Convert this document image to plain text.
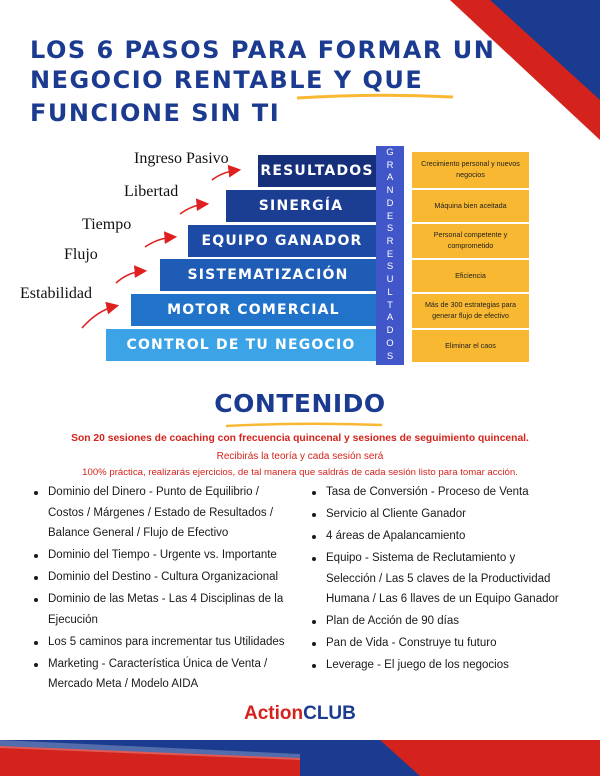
LOS 6 PASOS PARA FORMAR UN
NEGOCIO RENTABLE Y QUE
FUNCIONE SIN TI
Ingreso Pasivo
Libertad
Tiempo
Flujo
Estabilidad
RESULTADOS
SINERGÍA
EQUIPO GANADOR
SISTEMATIZACIÓN
MOTOR COMERCIAL
CONTROL DE TU NEGOCIO
G
R
A
N
D
E
S
R
E
S
U
L
T
A
D
O
S
Crecimiento personal y nuevos negocios
Máquina bien aceitada
Personal competente y comprometido
Eficiencia
Más de 300 estrategias para generar flujo de efectivo
Eliminar el caos
CONTENIDO
Son 20 sesiones de coaching con frecuencia quincenal y sesiones de seguimiento quincenal.
Recibirás la teoría y cada sesión será
100% práctica, realizarás ejercicios, de tal manera que saldrás de cada sesión listo para tomar acción.
Dominio del Dinero - Punto de Equilibrio / Costos / Márgenes / Estado de Resultados / Balance General / Flujo de Efectivo
Dominio del Tiempo - Urgente vs. Importante
Dominio del Destino - Cultura Organizacional
Dominio de las Metas - Las 4 Disciplinas de la Ejecución
Los 5 caminos para incrementar tus Utilidades
Marketing - Característica Única de Venta / Mercado Meta / Modelo AIDA
Tasa de Conversión - Proceso de Venta
Servicio al Cliente Ganador
4 áreas de Apalancamiento
Equipo - Sistema de Reclutamiento y Selección / Las 5 claves de la Productividad Humana / Las 6 llaves de un Equipo Ganador
Plan de Acción de 90 días
Pan de Vida - Construye tu futuro
Leverage - El juego de los negocios
ActionCLUB
